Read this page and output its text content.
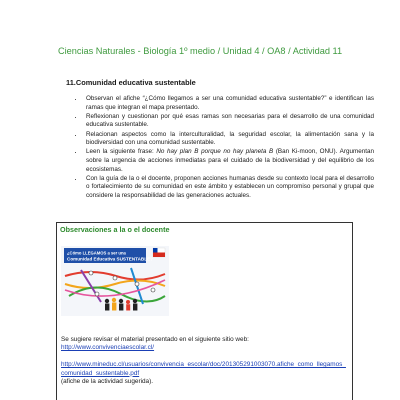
Ciencias Naturales - Biología 1º medio / Unidad 4 / OA8 / Actividad 11
11.Comunidad educativa sustentable
• Observan el afiche “¿Cómo llegamos a ser una comunidad educativa sustentable?” e identifican las ramas que integran el mapa presentado.
• Reflexionan y cuestionan por qué esas ramas son necesarias para el desarrollo de una comunidad educativa sustentable.
• Relacionan aspectos como la interculturalidad, la seguridad escolar, la alimentación sana y la biodiversidad con una comunidad sustentable.
• Leen la siguiente frase: No hay plan B porque no hay planeta B (Ban Ki-moon, ONU). Argumentan sobre la urgencia de acciones inmediatas para el cuidado de la biodiversidad y del equilibrio de los ecosistemas.
• Con la guía de la o el docente, proponen acciones humanas desde su contexto local para el desarrollo o fortalecimiento de su comunidad en este ámbito y establecen un compromiso personal y grupal que considere la responsabilidad de las generaciones actuales.
Observaciones a la o el docente
¿Cómo LLEGAMOS a ser una
Comunidad Educativa SUSTENTABLE?

Se sugiere revisar el material presentado en el siguiente sitio web:
http://www.convivenciaescolar.cl/

http://www.mineduc.cl/usuarios/convivencia_escolar/doc/201305291003070.afiche_como_llegamos_comunidad_sustentable.pdf
(afiche de la actividad sugerida).
